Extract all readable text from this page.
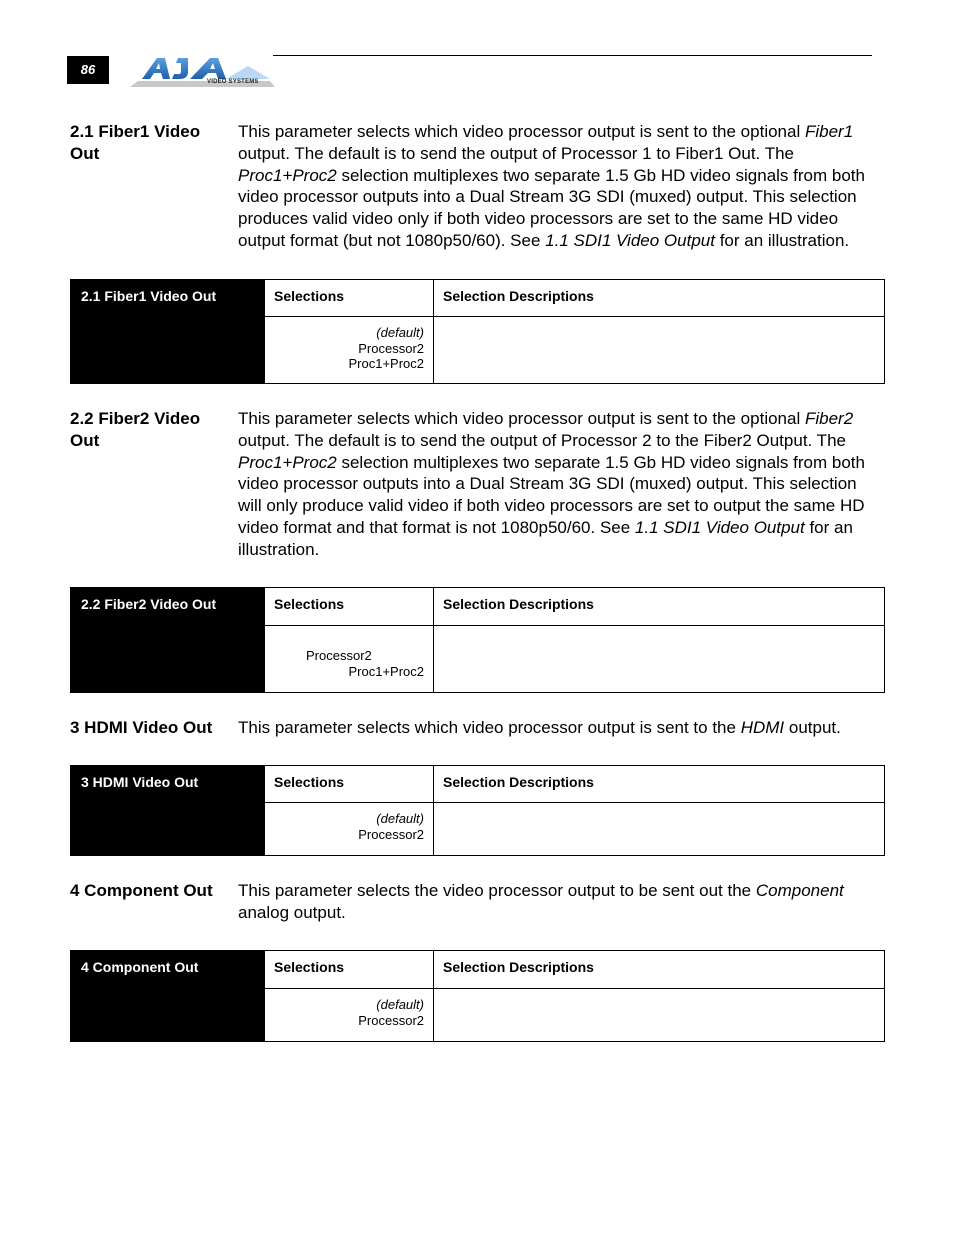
86
VIDEO SYSTEMS
2.1 Fiber1 Video Out
This parameter selects which video processor output is sent to the optional Fiber1 output. The default is to send the output of Processor 1 to Fiber1 Out. The Proc1+Proc2 selection multiplexes two separate 1.5 Gb HD video signals from both video processor outputs into a Dual Stream 3G SDI (muxed) output. This selection produces valid video only if both video processors are set to the same HD video output format (but not 1080p50/60). See 1.1 SDI1 Video Output for an illustration.
2.1 Fiber1 Video Out	Selections	Selection Descriptions

	(default)
Processor2
Proc1+Proc2	

2.2 Fiber2 Video Out
This parameter selects which video processor output is sent to the optional Fiber2 output. The default is to send the output of Processor 2 to the Fiber2 Output. The Proc1+Proc2 selection multiplexes two separate 1.5 Gb HD video signals from both video processor outputs into a Dual Stream 3G SDI (muxed) output. This selection will only produce valid video if both video processors are set to output the same HD video format and that format is not 1080p50/60. See 1.1 SDI1 Video Output for an illustration.
2.2 Fiber2 Video Out	Selections	Selection Descriptions

	Processor2
Proc1+Proc2	

3 HDMI Video Out	This parameter selects which video processor output is sent to the HDMI output.
3 HDMI Video Out	Selections	Selection Descriptions

	(default)
Processor2	

4 Component Out	This parameter selects the video processor output to be sent out the Component analog output.
4 Component Out	Selections	Selection Descriptions

	(default)
Processor2	
